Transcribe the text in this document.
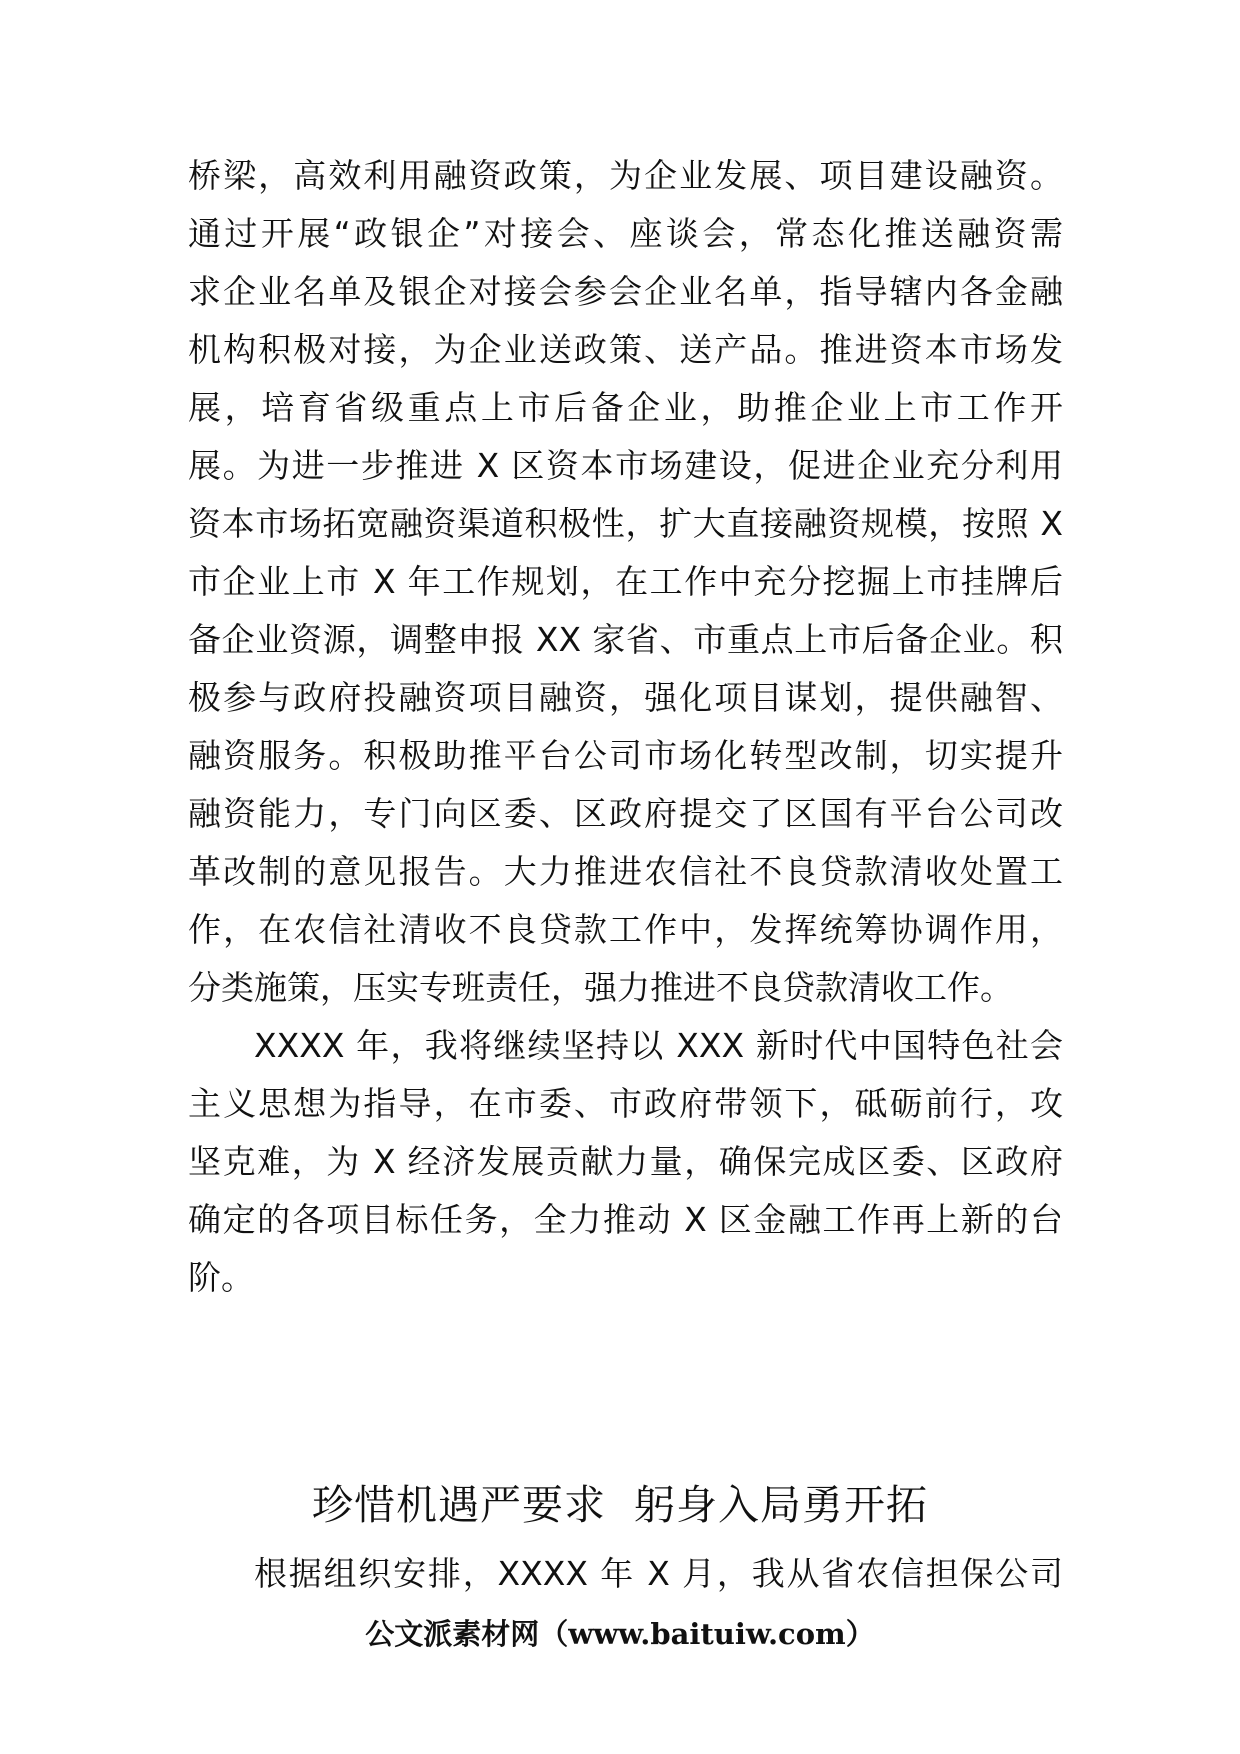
桥梁，高效利用融资政策，为企业发展、项目建设融资。

通过开展“政银企”对接会、座谈会，常态化推送融资需

求企业名单及银企对接会参会企业名单，指导辖内各金融

机构积极对接，为企业送政策、送产品。推进资本市场发

展，培育省级重点上市后备企业，助推企业上市工作开

展。为进一步推进 X 区资本市场建设，促进企业充分利用

资本市场拓宽融资渠道积极性，扩大直接融资规模，按照 X

市企业上市 X 年工作规划，在工作中充分挖掘上市挂牌后

备企业资源，调整申报 XX 家省、市重点上市后备企业。积

极参与政府投融资项目融资，强化项目谋划，提供融智、

融资服务。积极助推平台公司市场化转型改制，切实提升

融资能力，专门向区委、区政府提交了区国有平台公司改

革改制的意见报告。大力推进农信社不良贷款清收处置工

作，在农信社清收不良贷款工作中，发挥统筹协调作用，

分类施策，压实专班责任，强力推进不良贷款清收工作。

XXXX 年，我将继续坚持以 XXX 新时代中国特色社会

主义思想为指导，在市委、市政府带领下，砥砺前行，攻

坚克难，为 X 经济发展贡献力量，确保完成区委、区政府

确定的各项目标任务，全力推动 X 区金融工作再上新的台

阶。

珍惜机遇严要求  躬身入局勇开拓

根据组织安排，XXXX 年 X 月，我从省农信担保公司

公文派素材网（www.baituiw.com）
